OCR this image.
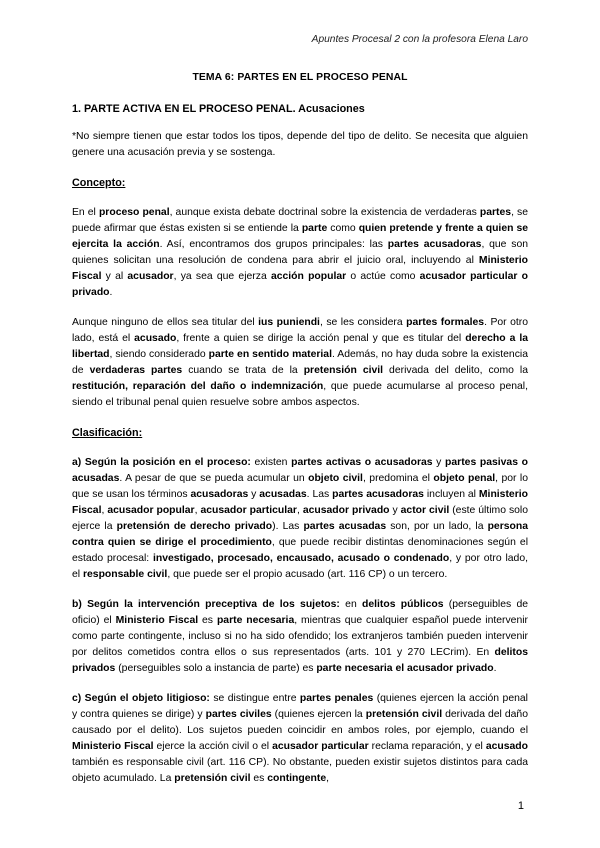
Apuntes Procesal 2 con la profesora Elena Laro
TEMA 6: PARTES EN EL PROCESO PENAL
1. PARTE ACTIVA EN EL PROCESO PENAL. Acusaciones

*No siempre tienen que estar todos los tipos, depende del tipo de delito. Se necesita que alguien genere una acusación previa y se sostenga.

Concepto:

En el proceso penal, aunque exista debate doctrinal sobre la existencia de verdaderas partes, se puede afirmar que éstas existen si se entiende la parte como quien pretende y frente a quien se ejercita la acción. Así, encontramos dos grupos principales: las partes acusadoras, que son quienes solicitan una resolución de condena para abrir el juicio oral, incluyendo al Ministerio Fiscal y al acusador, ya sea que ejerza acción popular o actúe como acusador particular o privado.

Aunque ninguno de ellos sea titular del ius puniendi, se les considera partes formales. Por otro lado, está el acusado, frente a quien se dirige la acción penal y que es titular del derecho a la libertad, siendo considerado parte en sentido material. Además, no hay duda sobre la existencia de verdaderas partes cuando se trata de la pretensión civil derivada del delito, como la restitución, reparación del daño o indemnización, que puede acumularse al proceso penal, siendo el tribunal penal quien resuelve sobre ambos aspectos.

Clasificación:

a) Según la posición en el proceso: existen partes activas o acusadoras y partes pasivas o acusadas. A pesar de que se pueda acumular un objeto civil, predomina el objeto penal, por lo que se usan los términos acusadoras y acusadas. Las partes acusadoras incluyen al Ministerio Fiscal, acusador popular, acusador particular, acusador privado y actor civil (este último solo ejerce la pretensión de derecho privado). Las partes acusadas son, por un lado, la persona contra quien se dirige el procedimiento, que puede recibir distintas denominaciones según el estado procesal: investigado, procesado, encausado, acusado o condenado, y por otro lado, el responsable civil, que puede ser el propio acusado (art. 116 CP) o un tercero.

b) Según la intervención preceptiva de los sujetos: en delitos públicos (perseguibles de oficio) el Ministerio Fiscal es parte necesaria, mientras que cualquier español puede intervenir como parte contingente, incluso si no ha sido ofendido; los extranjeros también pueden intervenir por delitos cometidos contra ellos o sus representados (arts. 101 y 270 LECrim). En delitos privados (perseguibles solo a instancia de parte) es parte necesaria el acusador privado.

c) Según el objeto litigioso: se distingue entre partes penales (quienes ejercen la acción penal y contra quienes se dirige) y partes civiles (quienes ejercen la pretensión civil derivada del daño causado por el delito). Los sujetos pueden coincidir en ambos roles, por ejemplo, cuando el Ministerio Fiscal ejerce la acción civil o el acusador particular reclama reparación, y el acusado también es responsable civil (art. 116 CP). No obstante, pueden existir sujetos distintos para cada objeto acumulado. La pretensión civil es contingente,

1
